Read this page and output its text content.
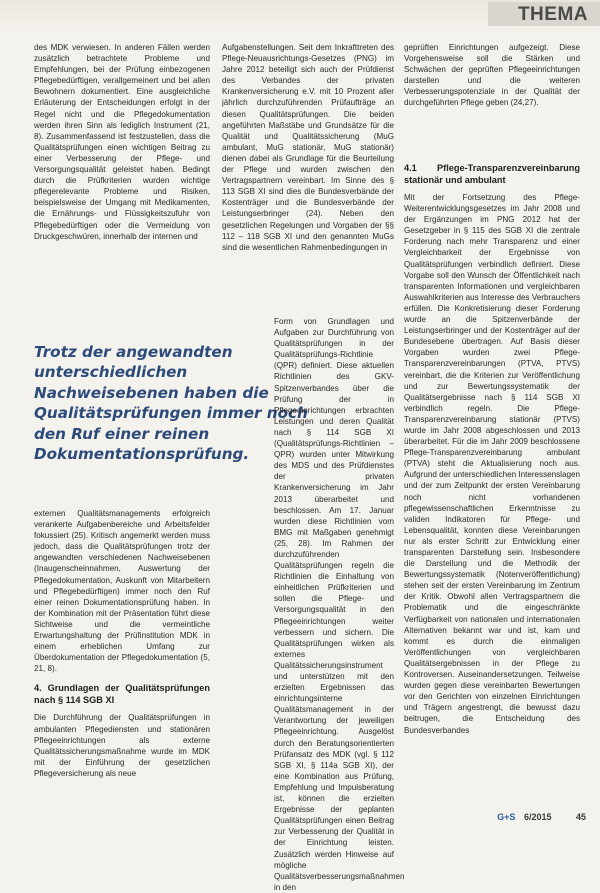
THEMA

des MDK verwiesen. In anderen Fällen werden zusätzlich betrachtete Probleme und Empfehlungen, bei der Prüfung einbezogenen Pflegebedürftigen, verallgemeinert und bei allen Bewohnern dokumentiert. Eine ausgleichliche Erläuterung der Entscheidungen erfolgt in der Regel nicht und die Pflegedokumentation werden ihren Sinn als lediglich Instrument (21, 8). Zusammenfassend ist festzustellen, dass die Qualitätsprüfungen einen wichtigen Beitrag zu einer Verbesserung der Pflege- und Versorgungsqualität geleistet haben. Bedingt durch die Prüfkriterien wurden wichtige pflegerelevante Probleme und Risiken, beispielsweise der Umgang mit Medikamenten, die Ernährungs- und Flüssigkeitszufuhr von Pflegebedürftigen oder die Vermeidung von Druckgeschwüren, innerhalb der internen und

Trotz der angewandten unterschiedlichen Nachweisebenen haben die Qualitätsprüfungen immer noch den Ruf einer reinen Dokumentationsprüfung.

externen Qualitätsmanagements erfolgreich verankerte Aufgabenbereiche und Arbeitsfelder fokussiert (25). Kritisch angemerkt werden muss jedoch, dass die Qualitätsprüfungen trotz der angewandten verschiedenen Nachweisebenen (Inaugenscheinnahmen, Auswertung der Pflegedokumentation, Auskunft von Mitarbeitern und Pflegebedürftigen) immer noch den Ruf einer reinen Dokumentationsprüfung haben. In der Kombination mit der Präsentation führt diese Sichtweise und die vermeintliche Erwartungshaltung der Prüfinstitution MDK in einem erheblichen Umfang zur Überdokumentation der Pflegedokumentation (5, 21, 8).

4. Grundlagen der Qualitätsprüfungen nach § 114 SGB XI

Die Durchführung der Qualitätsprüfungen in ambulanten Pflegediensten und stationären Pflegeeinrichtungen als externe Qualitätssicherungsmaßnahme wurde im MDK mit der Einführung der gesetzlichen Pflegeversicherung als neue

Aufgabenstellungen. Seit dem Inkrafttreten des Pflege-Neuausrichtungs-Gesetzes (PNG) im Jahre 2012 beteiligt sich auch der Prüfdienst des Verbandes der privaten Krankenversicherung e.V. mit 10 Prozent aller jährlich durchzuführenden Prüfaufträge an diesen Qualitätsprüfungen. Die beiden angeführten Maßstäbe und Grundsätze für die Qualität und Qualitätssicherung (MuG ambulant, MuG stationär, MuG stationär) dienen dabei als Grundlage für die Beurteilung der Pflege und wurden zwischen den Vertragspartnern vereinbart. Im Sinne des § 113 SGB XI sind dies die Bundesverbände der Kostenträger und die Bundesverbände der Leistungserbringer (24). Neben den gesetzlichen Regelungen und Vorgaben der §§ 112 – 118 SGB XI und den genannten MuGs sind die wesentlichen Rahmenbedingungen in

Form von Grundlagen und Aufgaben zur Durchführung von Qualitätsprüfungen in der Qualitätsprüfungs-Richtlinie (QPR) definiert. Diese aktuellen Richtlinien des GKV-Spitzenverbandes über die Prüfung der in Pflegeeinrichtungen erbrachten Leistungen und deren Qualität nach § 114 SGB XI (Qualitätsprüfungs-Richtlinien – QPR) wurden unter Mitwirkung des MDS und des Prüfdienstes der privaten Krankenversicherung im Jahr 2013 überarbeitet und beschlossen. Am 17. Januar wurden diese Richtlinien vom BMG mit Maßgaben genehmigt (25, 28). Im Rahmen der durchzuführenden Qualitätsprüfungen regeln die Richtlinien die Einhaltung von einheitlichen Prüfkriterien und sollen die Pflege- und Versorgungsqualität in den Pflegeeinrichtungen weiter verbessern und sichern. Die Qualitätsprüfungen wirken als externes Qualitätssicherungsinstrument und unterstützen mit den erzielten Ergebnissen das einrichtungsinterne Qualitätsmanagement in der Verantwortung der jeweiligen Pflegeeinrichtung. Ausgelöst durch den Beratungsorientierten Prüfansatz des MDK (vgl. § 112 SGB XI, § 114a SGB XI), der eine Kombination aus Prüfung, Empfehlung und Impulsberatung ist, können die erzielten Ergebnisse der geplanten Qualitätsprüfungen einen Beitrag zur Verbesserung der Qualität in der Einrichtung leisten. Zusätzlich werden Hinweise auf mögliche Qualitätsverbesserungsmaßnahmen in den

geprüften Einrichtungen aufgezeigt. Diese Vorgehensweise soll die Stärken und Schwächen der geprüften Pflegeeinrichtungen darstellen und die weiteren Verbesserungspotenziale in der Qualität der durchgeführten Pflege geben (24,27).

4.1 Pflege-Transparenzvereinbarung stationär und ambulant

Mit der Fortsetzung des Pflege-Weiterentwicklungsgesetzes im Jahr 2008 und der Ergänzungen im PNG 2012 hat der Gesetzgeber in § 115 des SGB XI die zentrale Forderung nach mehr Transparenz und einer Vergleichbarkeit der Ergebnisse von Qualitätsprüfungen verbindlich definiert. Diese Vorgabe soll den Wunsch der Öffentlichkeit nach transparenten Informationen und vergleichbaren Auswahlkriterien aus Interesse des Verbrauchers erfüllen. Die Konkretisierung dieser Forderung wurde an die Spitzenverbände der Leistungserbringer und der Kostenträger auf der Bundesebene übertragen. Auf Basis dieser Vorgaben wurden zwei Pflege-Transparenzvereinbarungen (PTVA, PTVS) vereinbart, die die Kriterien zur Veröffentlichung und zur Bewertungssystematik der Qualitätsergebnisse nach § 114 SGB XI verbindlich regeln. Die Pflege-Transparenzvereinbarung stationär (PTVS) wurde im Jahr 2008 abgeschlossen und 2013 überarbeitet. Für die im Jahr 2009 beschlossene Pflege-Transparenzvereinbarung ambulant (PTVA) steht die Aktualisierung noch aus. Aufgrund der unterschiedlichen Interessenslagen und der zum Zeitpunkt der ersten Vereinbarung noch nicht vorhandenen pflegewissenschaftlichen Erkenntnisse zu validen Indikatoren für Pflege- und Lebensqualität, konnten diese Vereinbarungen nur als erster Schritt zur Entwicklung einer transparenten Darstellung sein. Insbesondere die Darstellung und die Methodik der Bewertungssystematik (Notenveröffentlichung) stehen seit der ersten Vereinbarung im Zentrum der Kritik. Obwohl allen Vertragspartnern die Problematik und die eingeschränkte Verfügbarkeit von nationalen und internationalen Alternativen bekannt war und ist, kam und kommt es durch die einmaligen Veröffentlichungen von vergleichbaren Qualitätsergebnissen in der Pflege zu Kontroversen. Auseinandersetzungen. Teilweise wurden gegen diese vereinbarten Bewertungen vor den Gerichten von einzelnen Einrichtungen und Trägern angestrengt, die bewusst dazu beitrugen, die Entscheidung des Bundesverbandes

G+S 6/2015	45
